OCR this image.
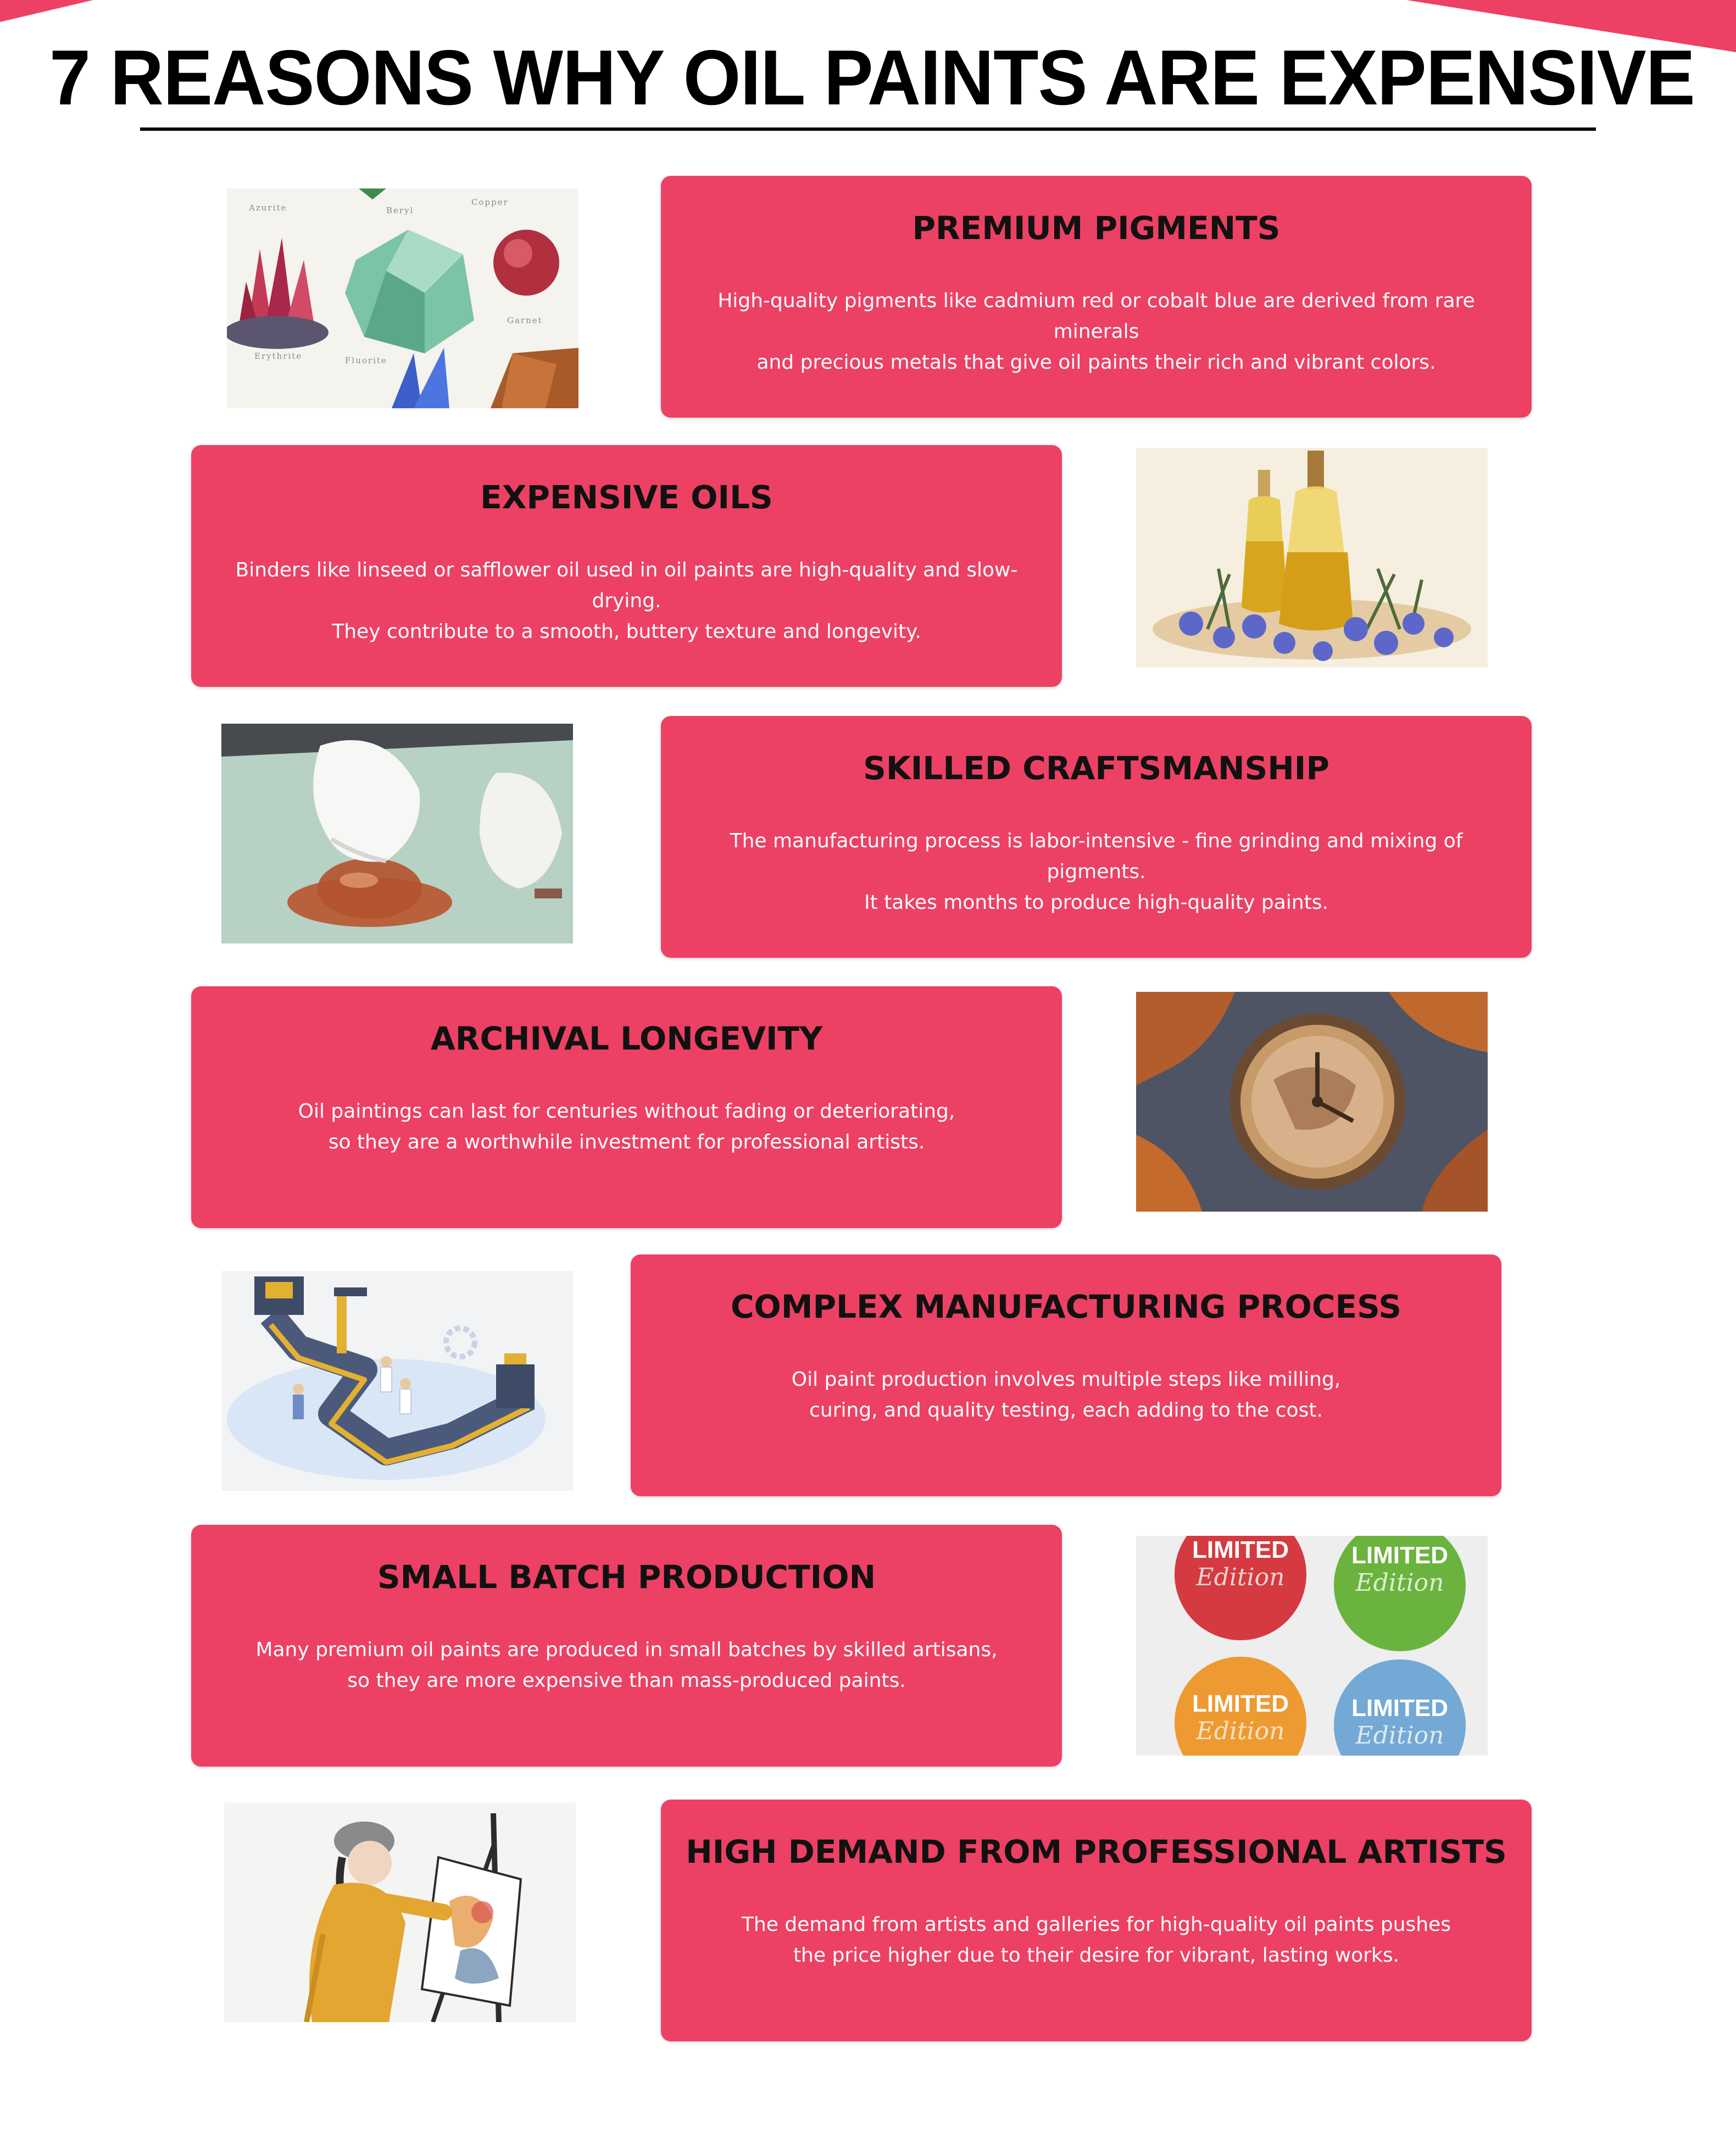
7 REASONS WHY OIL PAINTS ARE EXPENSIVE
Azurite	Beryl
Copper
Garnet
Erythrite	Fluorite
PREMIUM PIGMENTS

High-quality pigments like cadmium red or cobalt blue are derived from rare minerals
and precious metals that give oil paints their rich and vibrant colors.

EXPENSIVE OILS

Binders like linseed or safflower oil used in oil paints are high-quality and slow-drying.
They contribute to a smooth, buttery texture and longevity.

SKILLED CRAFTSMANSHIP

The manufacturing process is labor-intensive - fine grinding and mixing of pigments.
It takes months to produce high-quality paints.

ARCHIVAL LONGEVITY

Oil paintings can last for centuries without fading or deteriorating,
so they are a worthwhile investment for professional artists.

COMPLEX MANUFACTURING PROCESS

Oil paint production involves multiple steps like milling,
curing, and quality testing, each adding to the cost.

SMALL BATCH PRODUCTION

Many premium oil paints are produced in small batches by skilled artisans,
so they are more expensive than mass-produced paints.

LIMITED
Edition
LIMITED
Edition
LIMITED
Edition
LIMITED
Edition
HIGH DEMAND FROM PROFESSIONAL ARTISTS

The demand from artists and galleries for high-quality oil paints pushes
the price higher due to their desire for vibrant, lasting works.
